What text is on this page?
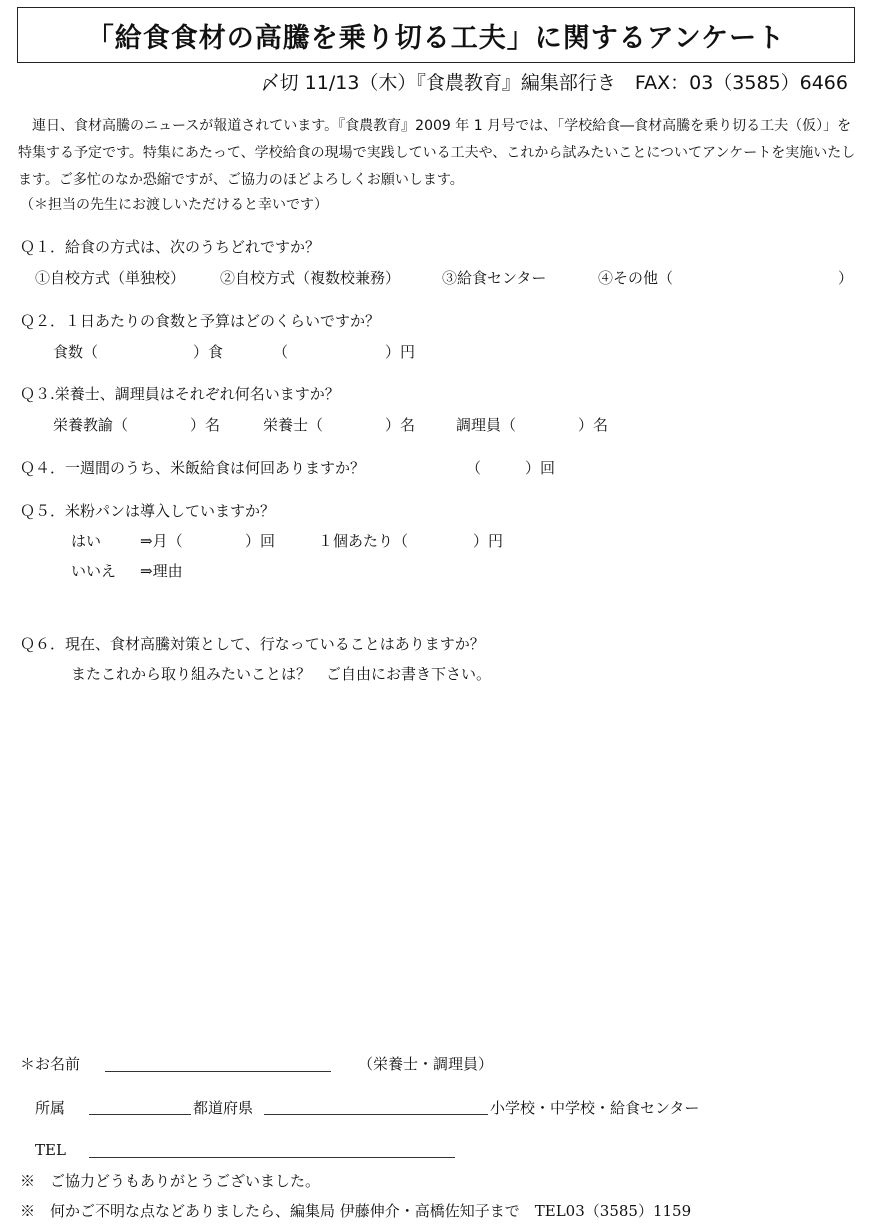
「給食食材の高騰を乗り切る工夫」に関するアンケート
〆切 11/13（木）『食農教育』編集部行き　FAX：03（3585）6466
連日、食材高騰のニュースが報道されています。『食農教育』2009 年 1 月号では、「学校給食―食材高騰を乗り切る工夫（仮）」を特集する予定です。特集にあたって、学校給食の現場で実践している工夫や、これから試みたいことについてアンケートを実施いたします。ご多忙のなか恐縮ですが、ご協力のほどよろしくお願いします。
（＊担当の先生にお渡しいただけると幸いです）
Ｑ１．給食の方式は、次のうちどれですか？
①自校方式（単独校） ②自校方式（複数校兼務）	③給食センター	④その他（	）
Ｑ２．１日あたりの食数と予算はどのくらいですか？
食数（	）食	（	）円
Ｑ３.栄養士、調理員はそれぞれ何名いますか？
栄養教諭（	）名	栄養士（	）名	調理員（	）名
Ｑ４．一週間のうち、米飯給食は何回ありますか？	（	）回
Ｑ５．米粉パンは導入していますか？
はい	⇒月（	）回	１個あたり（	）円
いいえ ⇒理由
Ｑ６．現在、食材高騰対策として、行なっていることはありますか？
またこれから取り組みたいことは？　ご自由にお書き下さい。
＊お名前	（栄養士・調理員）
所属	都道府県	小学校・中学校・給食センター
TEL
※　ご協力どうもありがとうございました。
※　何かご不明な点などありましたら、編集局 伊藤伸介・高橋佐知子まで　TEL03（3585）1159
